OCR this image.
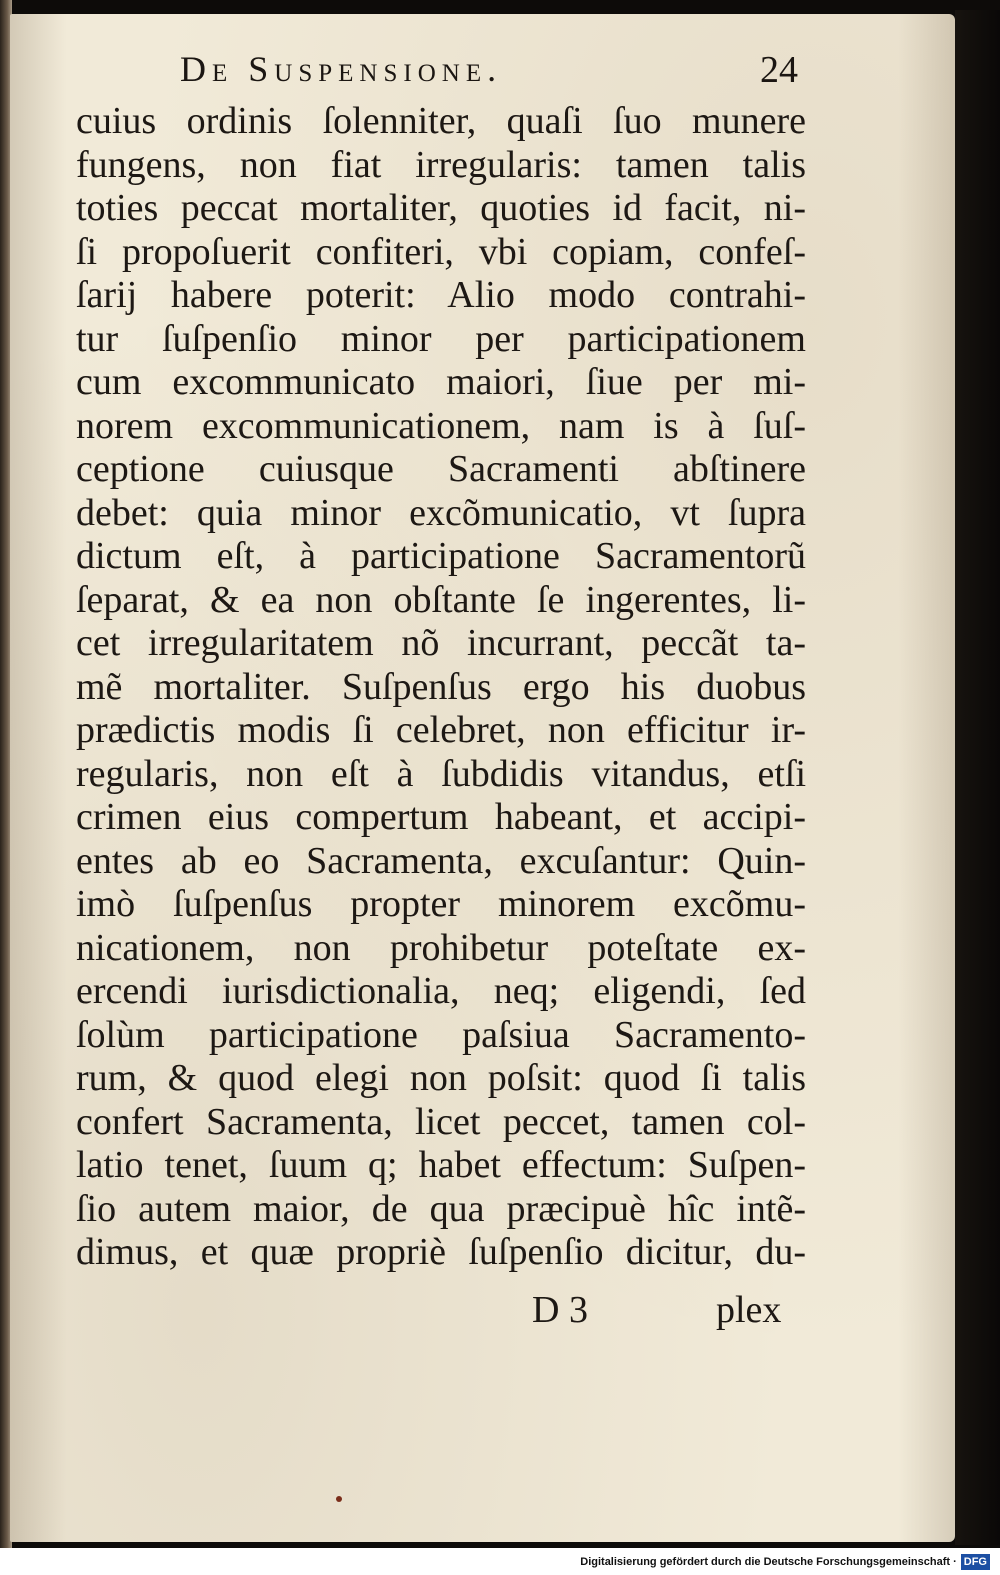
De Suspensione.	24
cuius ordinis ſolenniter, quaſi ſuo munere
fungens, non fiat irregularis: tamen talis
toties peccat mortaliter, quoties id facit, ni-
ſi propoſuerit confiteri, vbi copiam, confeſ-
ſarij habere poterit: Alio modo contrahi-
tur ſuſpenſio minor per participationem
cum excommunicato maiori, ſiue per mi-
norem excommunicationem, nam is à ſuſ-
ceptione cuiusque Sacramenti abſtinere
debet: quia minor excõmunicatio, vt ſupra
dictum eſt, à participatione Sacramentorũ
ſeparat, & ea non obſtante ſe ingerentes, li-
cet irregularitatem nõ incurrant, peccãt ta-
mẽ mortaliter. Suſpenſus ergo his duobus
prædictis modis ſi celebret, non efficitur ir-
regularis, non eſt à ſubdidis vitandus, etſi
crimen eius compertum habeant, et accipi-
entes ab eo Sacramenta, excuſantur: Quin-
imò ſuſpenſus propter minorem excõmu-
nicationem, non prohibetur poteſtate ex-
ercendi iurisdictionalia, neq; eligendi, ſed
ſolùm participatione paſsiua Sacramento-
rum, & quod elegi non poſsit: quod ſi talis
confert Sacramenta, licet peccet, tamen col-
latio tenet, ſuum q; habet effectum: Suſpen-
ſio autem maior, de qua præcipuè hîc intẽ-
dimus, et quæ propriè ſuſpenſio dicitur, du-
D 3	plex
Digitalisierung gefördert durch die Deutsche Forschungsgemeinschaft · DFG
